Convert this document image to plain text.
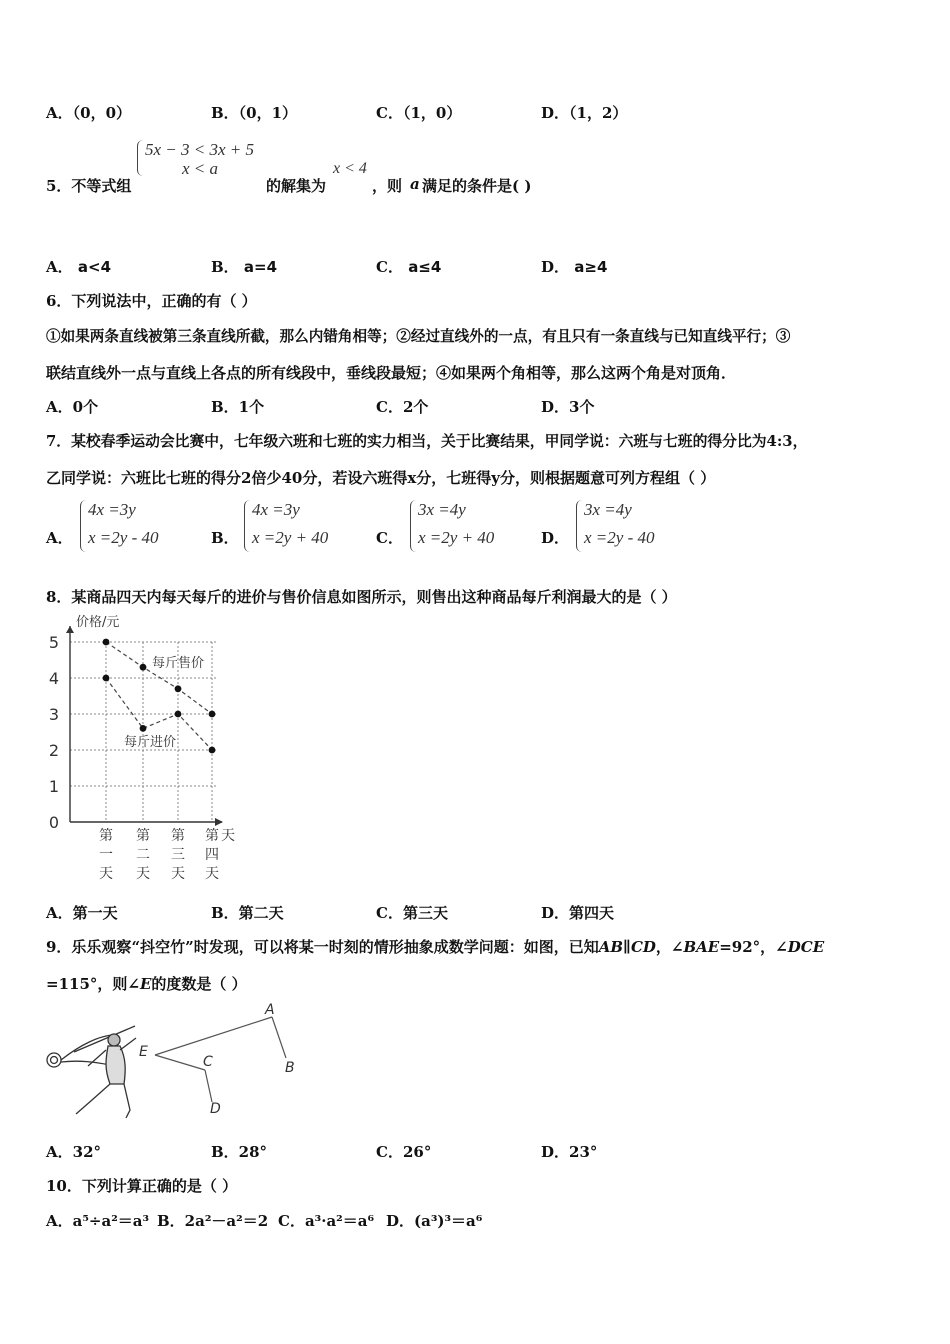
A．（0，0）	B．（0，1）	C．（1，0）	D．（1，2）
5．不等式组
5x − 3 < 3x + 5
x < a
的解集为
x < 4
，则 a 满足的条件是( )
A． a<4	B． a=4	C． a≤4	D． a≥4
6．下列说法中，正确的有（ ）
①如果两条直线被第三条直线所截，那么内错角相等；②经过直线外的一点，有且只有一条直线与已知直线平行；③
联结直线外一点与直线上各点的所有线段中，垂线段最短；④如果两个角相等，那么这两个角是对顶角．
A．0个	B．1个	C．2个	D．3个
7．某校春季运动会比赛中，七年级六班和七班的实力相当，关于比赛结果，甲同学说：六班与七班的得分比为4:3，
乙同学说：六班比七班的得分2倍少40分，若设六班得x分，七班得y分，则根据题意可列方程组（ ）
A．
4x =3y
x =2y - 40	B．
4x =3y
x =2y + 40	C．
3x =4y
x =2y + 40	D．
3x =4y
x =2y - 40
8．某商品四天内每天每斤的进价与售价信息如图所示，则售出这种商品每斤利润最大的是（ ）
0
1
2
3
4
5
第
一
天
第
二
天
第
三
天
第
四
天
价格/元
天
每斤售价
每斤进价
A．第一天	B．第二天	C．第三天	D．第四天
9．乐乐观察“抖空竹”时发现，可以将某一时刻的情形抽象成数学问题：如图，已知AB∥CD，∠BAE=92°，∠DCE
=115°，则∠E的度数是（ ）
A
B
C
D
E
A．32°	B．28°	C．26°	D．23°
10．下列计算正确的是（ ）
A．a⁵÷a²＝a³ B．2a²－a²＝2 C．a³·a²＝a⁶ D．(a³)³＝a⁶
